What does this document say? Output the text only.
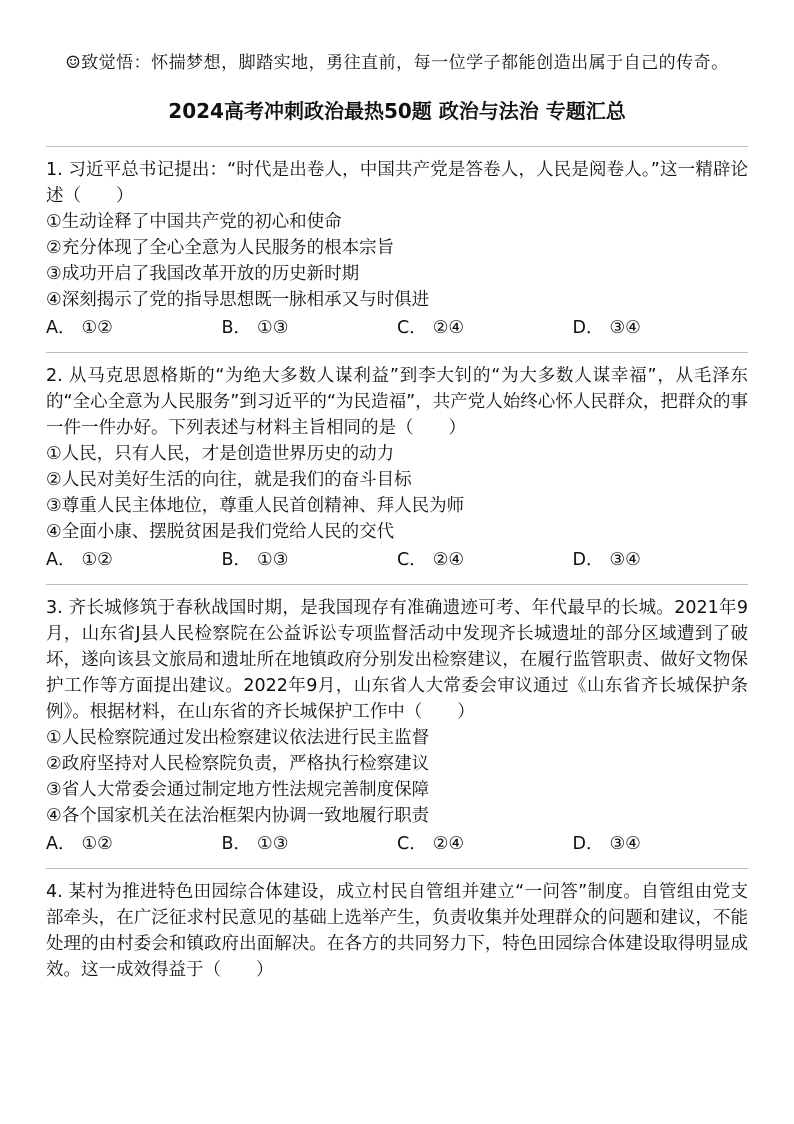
☺致觉悟：怀揣梦想，脚踏实地，勇往直前，每一位学子都能创造出属于自己的传奇。
2024高考冲刺政治最热50题 政治与法治 专题汇总
1. 习近平总书记提出：“时代是出卷人，中国共产党是答卷人，人民是阅卷人。”这一精辟论述（　　）
①生动诠释了中国共产党的初心和使命
②充分体现了全心全意为人民服务的根本宗旨
③成功开启了我国改革开放的历史新时期
④深刻揭示了党的指导思想既一脉相承又与时俱进
A． ①②	B． ①③	C． ②④	D． ③④
2. 从马克思恩格斯的“为绝大多数人谋利益”到李大钊的“为大多数人谋幸福”，从毛泽东的“全心全意为人民服务”到习近平的“为民造福”，共产党人始终心怀人民群众，把群众的事一件一件办好。下列表述与材料主旨相同的是（　　）
①人民，只有人民，才是创造世界历史的动力
②人民对美好生活的向往，就是我们的奋斗目标
③尊重人民主体地位，尊重人民首创精神、拜人民为师
④全面小康、摆脱贫困是我们党给人民的交代
A． ①②	B． ①③	C． ②④	D． ③④
3. 齐长城修筑于春秋战国时期，是我国现存有准确遗迹可考、年代最早的长城。2021年9月，山东省J县人民检察院在公益诉讼专项监督活动中发现齐长城遗址的部分区域遭到了破坏，遂向该县文旅局和遗址所在地镇政府分别发出检察建议，在履行监管职责、做好文物保护工作等方面提出建议。2022年9月，山东省人大常委会审议通过《山东省齐长城保护条例》。根据材料，在山东省的齐长城保护工作中（　　）
①人民检察院通过发出检察建议依法进行民主监督
②政府坚持对人民检察院负责，严格执行检察建议
③省人大常委会通过制定地方性法规完善制度保障
④各个国家机关在法治框架内协调一致地履行职责
A． ①②	B． ①③	C． ②④	D． ③④
4. 某村为推进特色田园综合体建设，成立村民自管组并建立“一问答”制度。自管组由党支部牵头，在广泛征求村民意见的基础上选举产生，负责收集并处理群众的问题和建议，不能处理的由村委会和镇政府出面解决。在各方的共同努力下，特色田园综合体建设取得明显成效。这一成效得益于（　　）
